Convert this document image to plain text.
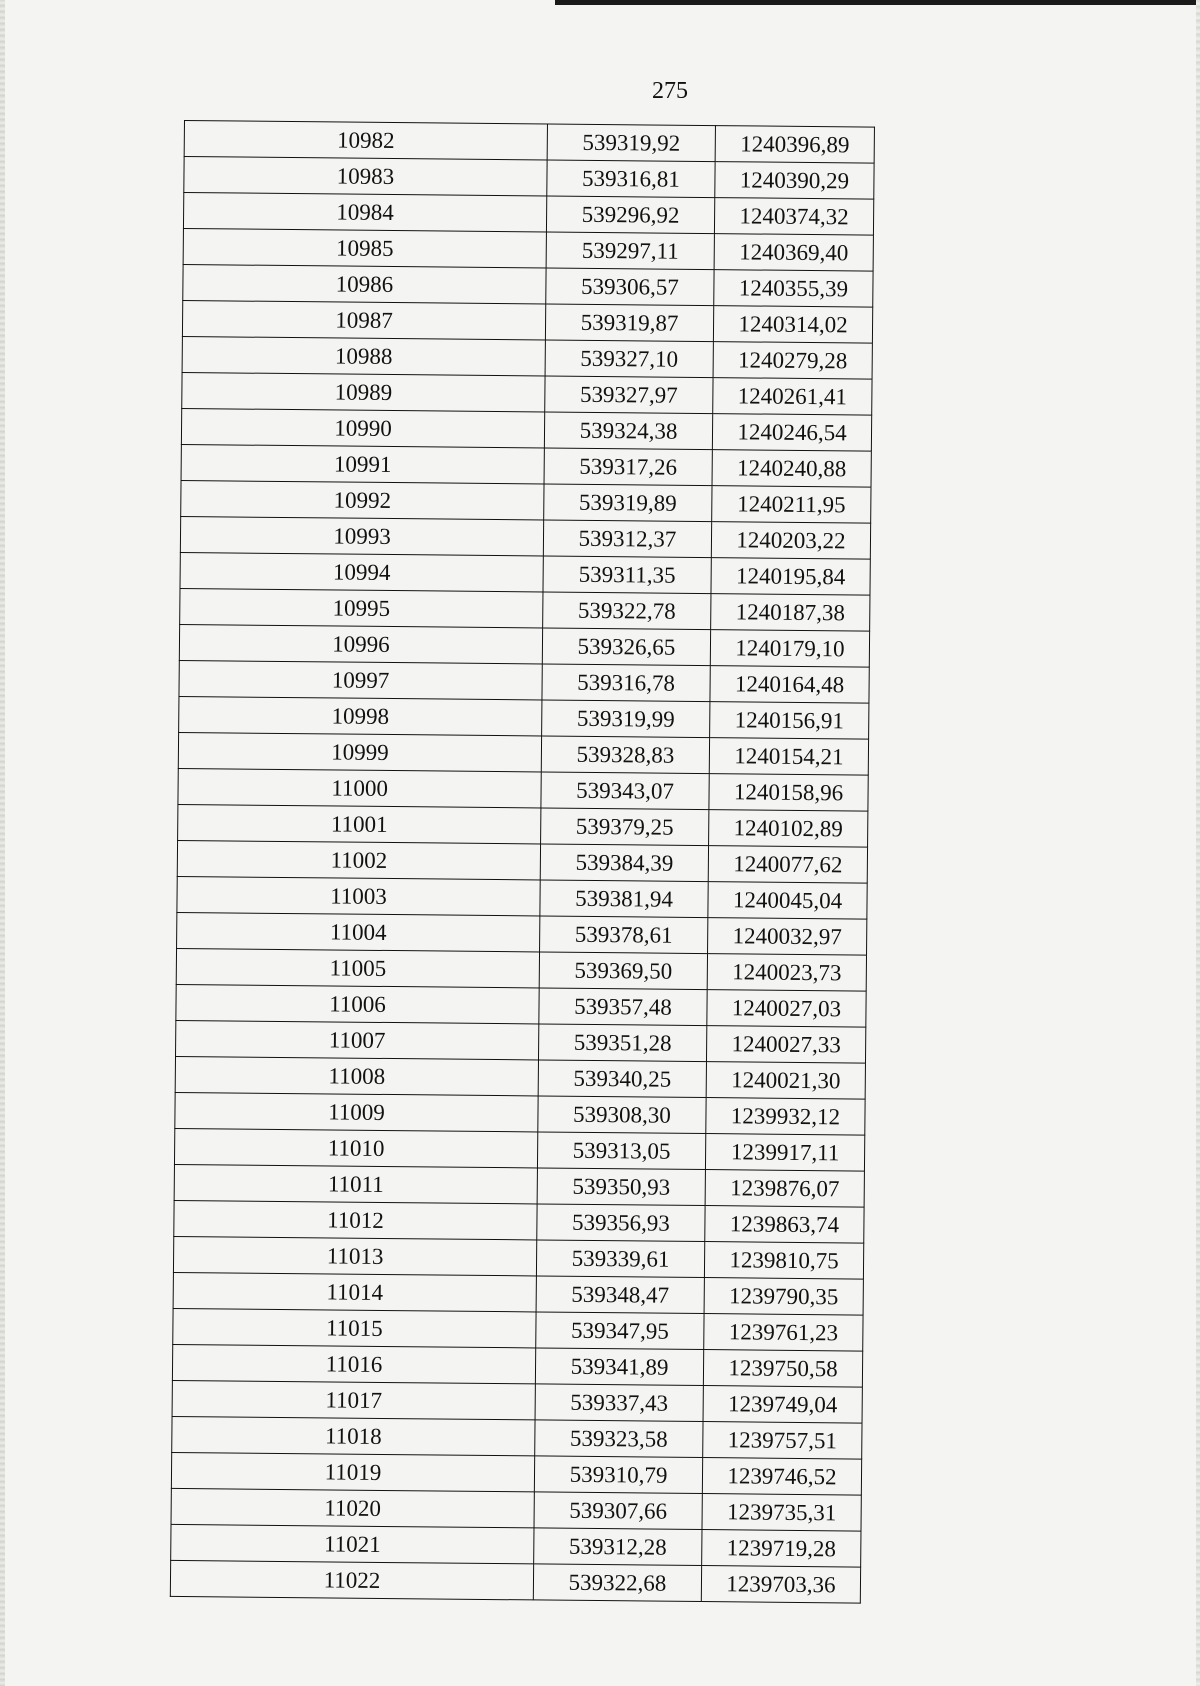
275
10982	539319,92	1240396,89
10983	539316,81	1240390,29
10984	539296,92	1240374,32
10985	539297,11	1240369,40
10986	539306,57	1240355,39
10987	539319,87	1240314,02
10988	539327,10	1240279,28
10989	539327,97	1240261,41
10990	539324,38	1240246,54
10991	539317,26	1240240,88
10992	539319,89	1240211,95
10993	539312,37	1240203,22
10994	539311,35	1240195,84
10995	539322,78	1240187,38
10996	539326,65	1240179,10
10997	539316,78	1240164,48
10998	539319,99	1240156,91
10999	539328,83	1240154,21
11000	539343,07	1240158,96
11001	539379,25	1240102,89
11002	539384,39	1240077,62
11003	539381,94	1240045,04
11004	539378,61	1240032,97
11005	539369,50	1240023,73
11006	539357,48	1240027,03
11007	539351,28	1240027,33
11008	539340,25	1240021,30
11009	539308,30	1239932,12
11010	539313,05	1239917,11
11011	539350,93	1239876,07
11012	539356,93	1239863,74
11013	539339,61	1239810,75
11014	539348,47	1239790,35
11015	539347,95	1239761,23
11016	539341,89	1239750,58
11017	539337,43	1239749,04
11018	539323,58	1239757,51
11019	539310,79	1239746,52
11020	539307,66	1239735,31
11021	539312,28	1239719,28
11022	539322,68	1239703,36
